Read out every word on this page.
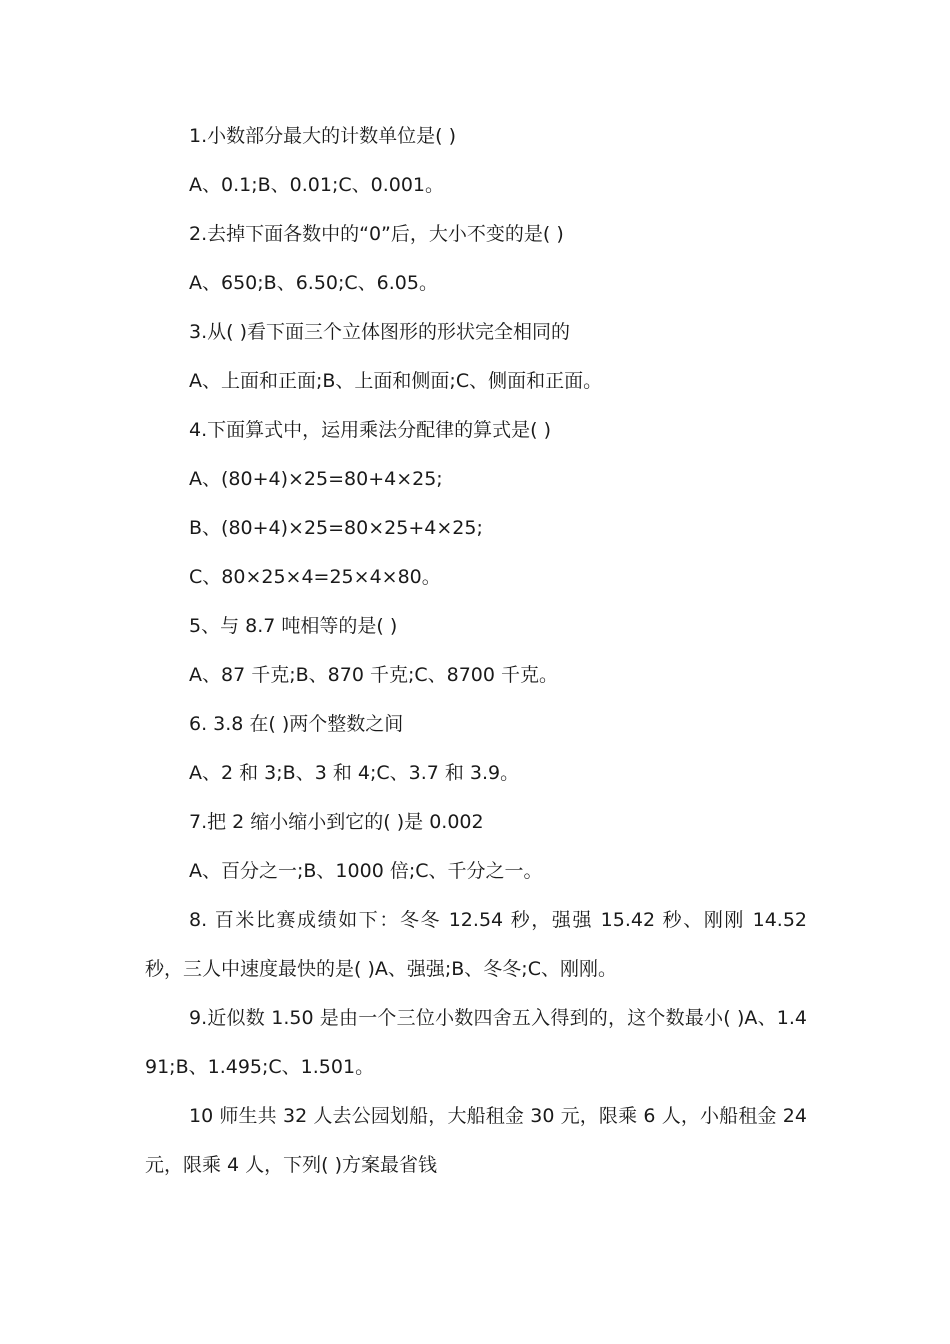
1.小数部分最大的计数单位是( )

A、0.1;B、0.01;C、0.001。

2.去掉下面各数中的“0”后，大小不变的是( )

A、650;B、6.50;C、6.05。

3.从( )看下面三个立体图形的形状完全相同的

A、上面和正面;B、上面和侧面;C、侧面和正面。

4.下面算式中，运用乘法分配律的算式是( )

A、(80+4)×25=80+4×25;

B、(80+4)×25=80×25+4×25;

C、80×25×4=25×4×80。

5、与 8.7 吨相等的是( )

A、87 千克;B、870 千克;C、8700 千克。

6. 3.8 在( )两个整数之间

A、2 和 3;B、3 和 4;C、3.7 和 3.9。

7.把 2 缩小缩小到它的( )是 0.002

A、百分之一;B、1000 倍;C、千分之一。

8. 百米比赛成绩如下：冬冬 12.54 秒，强强 15.42 秒、刚刚 14.52 秒，三人中速度最快的是( )A、强强;B、冬冬;C、刚刚。

9.近似数 1.50 是由一个三位小数四舍五入得到的，这个数最小( )A、1.491;B、1.495;C、1.501。

10 师生共 32 人去公园划船，大船租金 30 元，限乘 6 人，小船租金 24 元，限乘 4 人，下列( )方案最省钱
